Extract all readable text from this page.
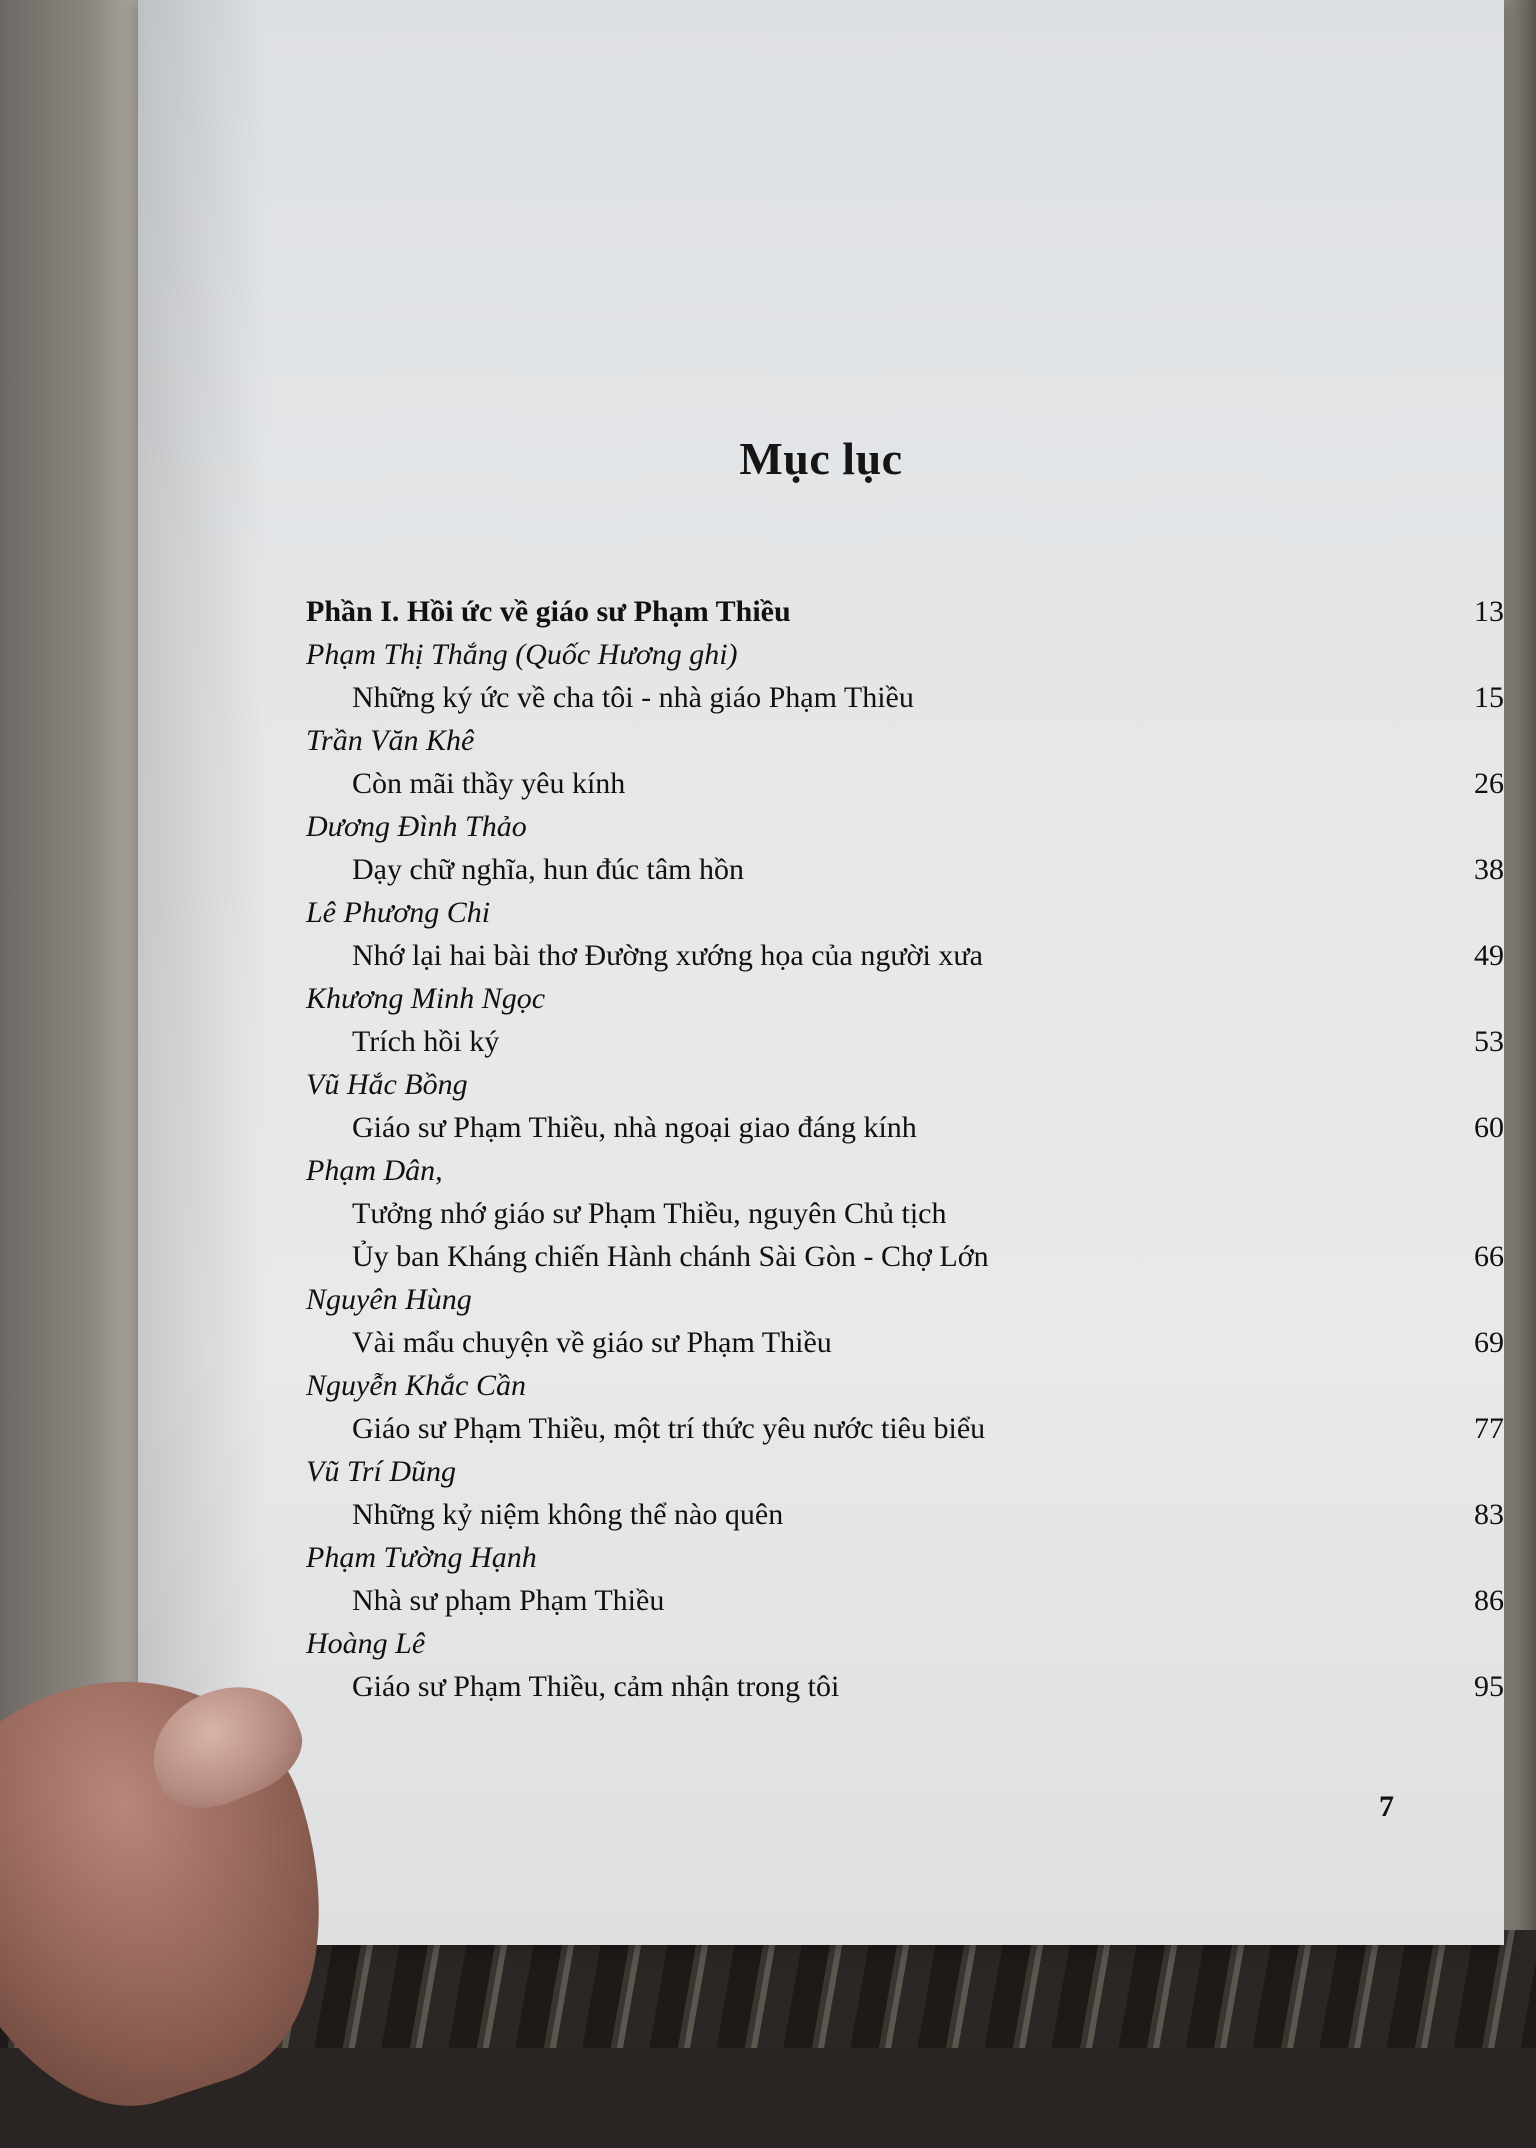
Mục lục
Phần I. Hồi ức về giáo sư Phạm Thiều	13
Phạm Thị Thắng (Quốc Hương ghi)
Những ký ức về cha tôi - nhà giáo Phạm Thiều	15
Trần Văn Khê
Còn mãi thầy yêu kính	26
Dương Đình Thảo
Dạy chữ nghĩa, hun đúc tâm hồn	38
Lê Phương Chi
Nhớ lại hai bài thơ Đường xướng họa của người xưa	49
Khương Minh Ngọc
Trích hồi ký	53
Vũ Hắc Bồng
Giáo sư Phạm Thiều, nhà ngoại giao đáng kính	60
Phạm Dân,
Tưởng nhớ giáo sư Phạm Thiều, nguyên Chủ tịch
Ủy ban Kháng chiến Hành chánh Sài Gòn - Chợ Lớn	66
Nguyên Hùng
Vài mẩu chuyện về giáo sư Phạm Thiều	69
Nguyễn Khắc Cần
Giáo sư Phạm Thiều, một trí thức yêu nước tiêu biểu	77
Vũ Trí Dũng
Những kỷ niệm không thể nào quên	83
Phạm Tường Hạnh
Nhà sư phạm Phạm Thiều	86
Hoàng Lê
Giáo sư Phạm Thiều, cảm nhận trong tôi	95
7
